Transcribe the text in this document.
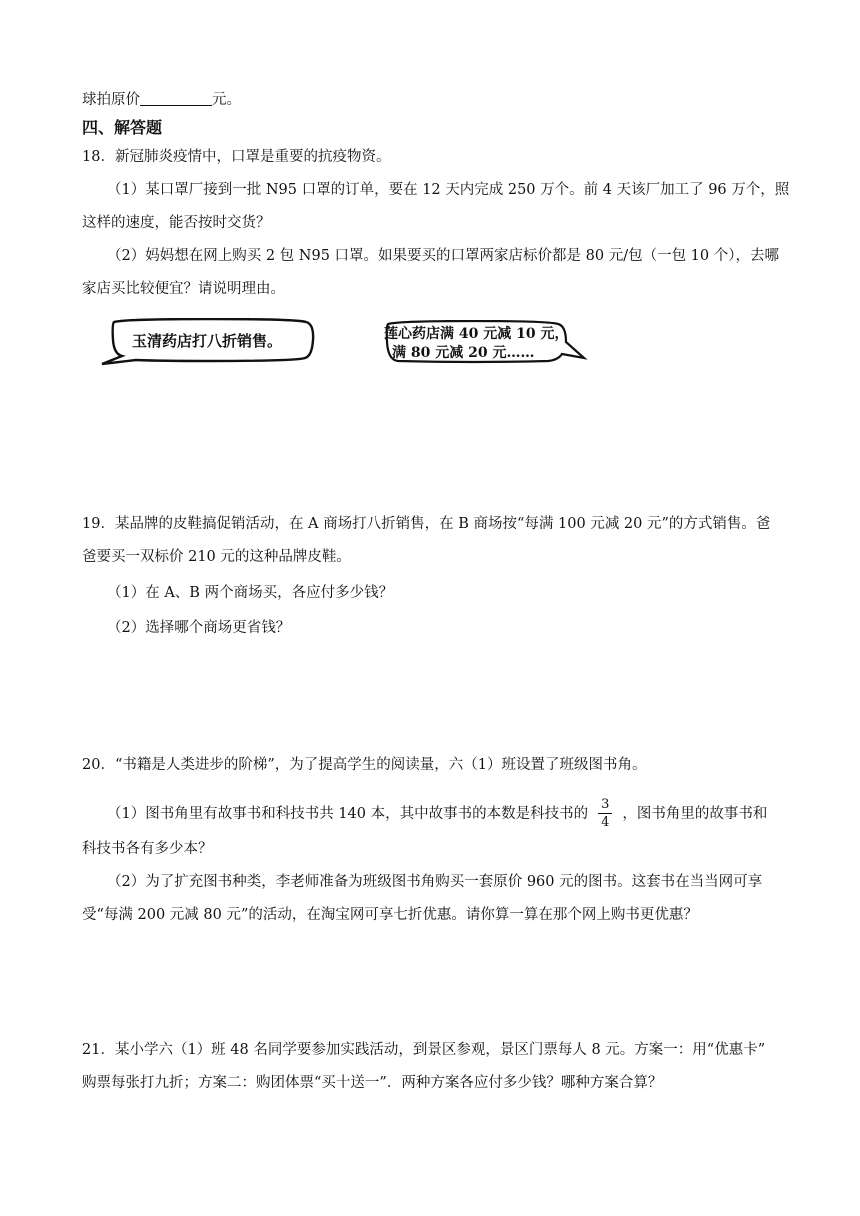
球拍原价	元。
四、解答题
18．新冠肺炎疫情中，口罩是重要的抗疫物资。
（1）某口罩厂接到一批 N95 口罩的订单，要在 12 天内完成 250 万个。前 4 天该厂加工了 96 万个，照
这样的速度，能否按时交货？
（2）妈妈想在网上购买 2 包 N95 口罩。如果要买的口罩两家店标价都是 80 元/包（一包 10 个），去哪
家店买比较便宜？请说明理由。
玉清药店打八折销售。	莲心药店满 40 元减 10 元，
满 80 元减 20 元……
19．某品牌的皮鞋搞促销活动，在 A 商场打八折销售，在 B 商场按“每满 100 元减 20 元”的方式销售。爸
爸要买一双标价 210 元的这种品牌皮鞋。
（1）在 A、B 两个商场买，各应付多少钱？
（2）选择哪个商场更省钱？
20．“书籍是人类进步的阶梯”，为了提高学生的阅读量，六（1）班设置了班级图书角。
（1）图书角里有故事书和科技书共 140 本，其中故事书的本数是科技书的 $\frac{3}{4}$ ，图书角里的故事书和
科技书各有多少本？
（2）为了扩充图书种类，李老师准备为班级图书角购买一套原价 960 元的图书。这套书在当当网可享
受“每满 200 元减 80 元”的活动，在淘宝网可享七折优惠。请你算一算在那个网上购书更优惠？
21．某小学六（1）班 48 名同学要参加实践活动，到景区参观，景区门票每人 8 元。方案一：用“优惠卡”
购票每张打九折；方案二：购团体票“买十送一”．两种方案各应付多少钱？哪种方案合算？
